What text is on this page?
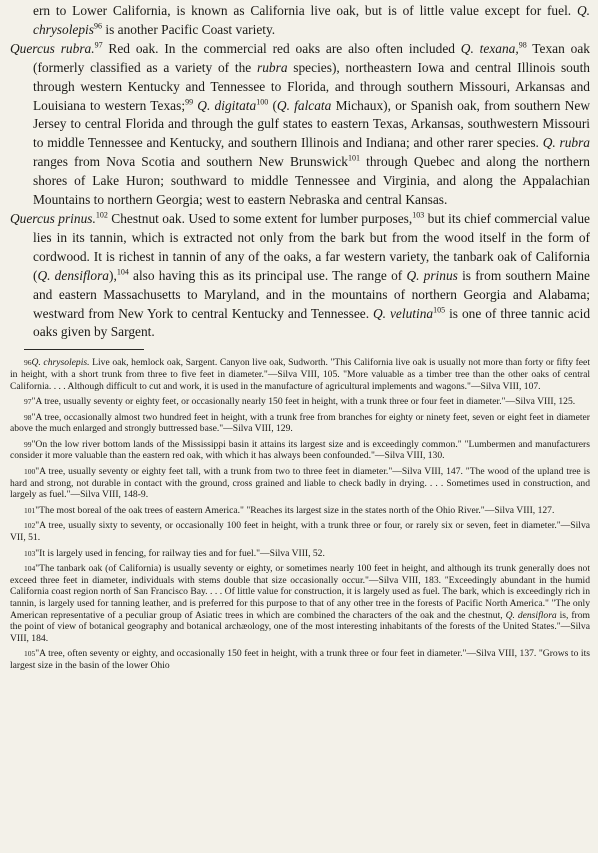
ern to Lower California, is known as California live oak, but is of little value except for fuel. Q. chrysolepis$^{96}$ is another Pacific Coast variety.

Quercus rubra.$^{97}$ Red oak. In the commercial red oaks are also often included Q. texana,$^{98}$ Texan oak (formerly classified as a variety of the rubra species), northeastern Iowa and central Illinois south through western Kentucky and Tennessee to Florida, and through southern Missouri, Arkansas and Louisiana to western Texas;$^{99}$ Q. digitata$^{100}$ (Q. falcata Michaux), or Spanish oak, from southern New Jersey to central Florida and through the gulf states to eastern Texas, Arkansas, southwestern Missouri to middle Tennessee and Kentucky, and southern Illinois and Indiana; and other rarer species. Q. rubra ranges from Nova Scotia and southern New Brunswick$^{101}$ through Quebec and along the northern shores of Lake Huron; southward to middle Tennessee and Virginia, and along the Appalachian Mountains to northern Georgia; west to eastern Nebraska and central Kansas.

Quercus prinus.$^{102}$ Chestnut oak. Used to some extent for lumber purposes,$^{103}$ but its chief commercial value lies in its tannin, which is extracted not only from the bark but from the wood itself in the form of cordwood. It is richest in tannin of any of the oaks, a far western variety, the tanbark oak of California (Q. densiflora),$^{104}$ also having this as its principal use. The range of Q. prinus is from southern Maine and eastern Massachusetts to Maryland, and in the mountains of northern Georgia and Alabama; westward from New York to central Kentucky and Tennessee. Q. velutina$^{105}$ is one of three tannic acid oaks given by Sargent.

96Q. chrysolepis. Live oak, hemlock oak, Sargent. Canyon live oak, Sudworth. "This California live oak is usually not more than forty or fifty feet in height, with a short trunk from three to five feet in diameter."—Silva VIII, 105. "More valuable as a timber tree than the other oaks of central California. . . . Although difficult to cut and work, it is used in the manufacture of agricultural implements and wagons."—Silva VIII, 107.

97"A tree, usually seventy or eighty feet, or occasionally nearly 150 feet in height, with a trunk three or four feet in diameter."—Silva VIII, 125.

98"A tree, occasionally almost two hundred feet in height, with a trunk free from branches for eighty or ninety feet, seven or eight feet in diameter above the much enlarged and strongly buttressed base."—Silva VIII, 129.

99"On the low river bottom lands of the Mississippi basin it attains its largest size and is exceedingly common." "Lumbermen and manufacturers consider it more valuable than the eastern red oak, with which it has always been confounded."—Silva VIII, 130.

100"A tree, usually seventy or eighty feet tall, with a trunk from two to three feet in diameter."—Silva VIII, 147. "The wood of the upland tree is hard and strong, not durable in contact with the ground, cross grained and liable to check badly in drying. . . . Sometimes used in construction, and largely as fuel."—Silva VIII, 148-9.

101"The most boreal of the oak trees of eastern America." "Reaches its largest size in the states north of the Ohio River."—Silva VIII, 127.

102"A tree, usually sixty to seventy, or occasionally 100 feet in height, with a trunk three or four, or rarely six or seven, feet in diameter."—Silva VII, 51.

103"It is largely used in fencing, for railway ties and for fuel."—Silva VIII, 52.

104"The tanbark oak (of California) is usually seventy or eighty, or sometimes nearly 100 feet in height, and although its trunk generally does not exceed three feet in diameter, individuals with stems double that size occasionally occur."—Silva VIII, 183. "Exceedingly abundant in the humid California coast region north of San Francisco Bay. . . . Of little value for construction, it is largely used as fuel. The bark, which is exceedingly rich in tannin, is largely used for tanning leather, and is preferred for this purpose to that of any other tree in the forests of Pacific North America." "The only American representative of a peculiar group of Asiatic trees in which are combined the characters of the oak and the chestnut, Q. densiflora is, from the point of view of botanical geography and botanical archæology, one of the most interesting inhabitants of the forests of the United States."—Silva VIII, 184.

105"A tree, often seventy or eighty, and occasionally 150 feet in height, with a trunk three or four feet in diameter."—Silva VIII, 137. "Grows to its largest size in the basin of the lower Ohio
